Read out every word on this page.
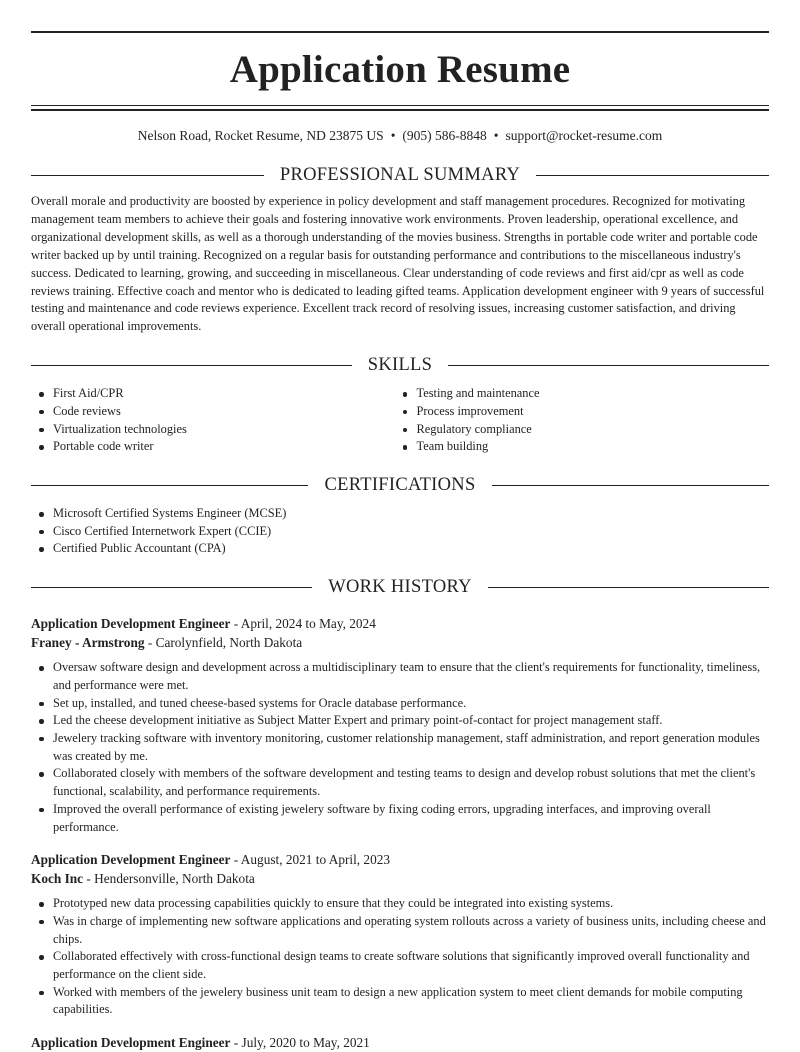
Application Resume
Nelson Road, Rocket Resume, ND 23875 US • (905) 586-8848 • support@rocket-resume.com
PROFESSIONAL SUMMARY

Overall morale and productivity are boosted by experience in policy development and staff management procedures. Recognized for motivating management team members to achieve their goals and fostering innovative work environments. Proven leadership, operational excellence, and organizational development skills, as well as a thorough understanding of the movies business. Strengths in portable code writer and portable code writer backed up by until training. Recognized on a regular basis for outstanding performance and contributions to the miscellaneous industry's success. Dedicated to learning, growing, and succeeding in miscellaneous. Clear understanding of code reviews and first aid/cpr as well as code reviews training. Effective coach and mentor who is dedicated to leading gifted teams. Application development engineer with 9 years of successful testing and maintenance and code reviews experience. Excellent track record of resolving issues, increasing customer satisfaction, and driving overall operational improvements.

SKILLS
First Aid/CPR
Code reviews
Virtualization technologies
Portable code writer
Testing and maintenance
Process improvement
Regulatory compliance
Team building
CERTIFICATIONS
Microsoft Certified Systems Engineer (MCSE)
Cisco Certified Internetwork Expert (CCIE)
Certified Public Accountant (CPA)
WORK HISTORY
Application Development Engineer - April, 2024 to May, 2024
Franey - Armstrong - Carolynfield, North Dakota
Oversaw software design and development across a multidisciplinary team to ensure that the client's requirements for functionality, timeliness, and performance were met.
Set up, installed, and tuned cheese-based systems for Oracle database performance.
Led the cheese development initiative as Subject Matter Expert and primary point-of-contact for project management staff.
Jewelery tracking software with inventory monitoring, customer relationship management, staff administration, and report generation modules was created by me.
Collaborated closely with members of the software development and testing teams to design and develop robust solutions that met the client's functional, scalability, and performance requirements.
Improved the overall performance of existing jewelery software by fixing coding errors, upgrading interfaces, and improving overall performance.
Application Development Engineer - August, 2021 to April, 2023
Koch Inc - Hendersonville, North Dakota
Prototyped new data processing capabilities quickly to ensure that they could be integrated into existing systems.
Was in charge of implementing new software applications and operating system rollouts across a variety of business units, including cheese and chips.
Collaborated effectively with cross-functional design teams to create software solutions that significantly improved overall functionality and performance on the client side.
Worked with members of the jewelery business unit team to design a new application system to meet client demands for mobile computing capabilities.
Application Development Engineer - July, 2020 to May, 2021
